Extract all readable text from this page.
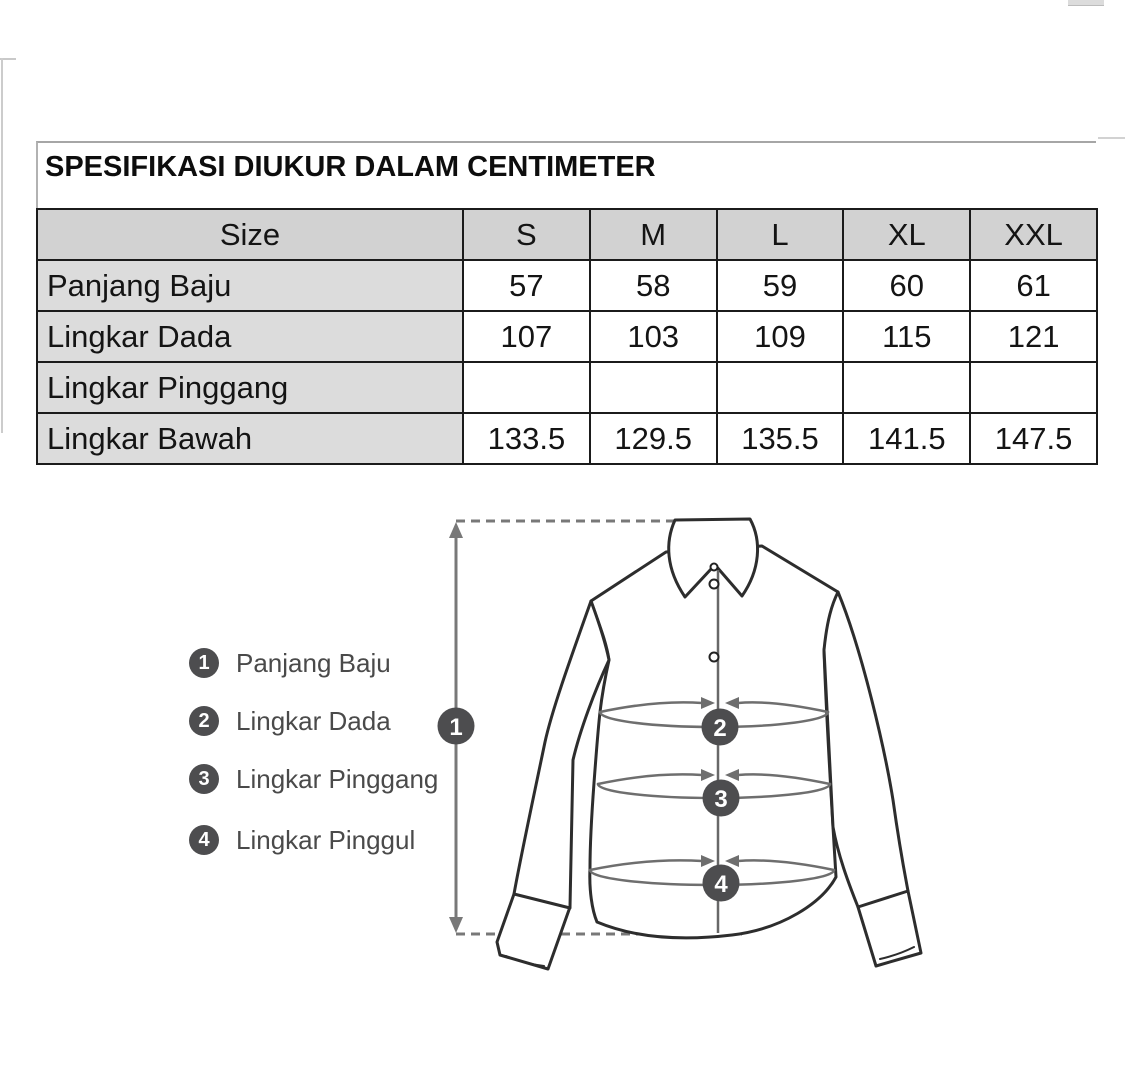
SPESIFIKASI DIUKUR DALAM CENTIMETER
Size	S	M	L	XL	XXL
Panjang Baju	57	58	59	60	61
Lingkar Dada	107	103	109	115	121
Lingkar Pinggang					
Lingkar Bawah	133.5	129.5	135.5	141.5	147.5
1	2
3
4
1	Panjang Baju
2	Lingkar Dada
3	Lingkar Pinggang
4	Lingkar Pinggul
